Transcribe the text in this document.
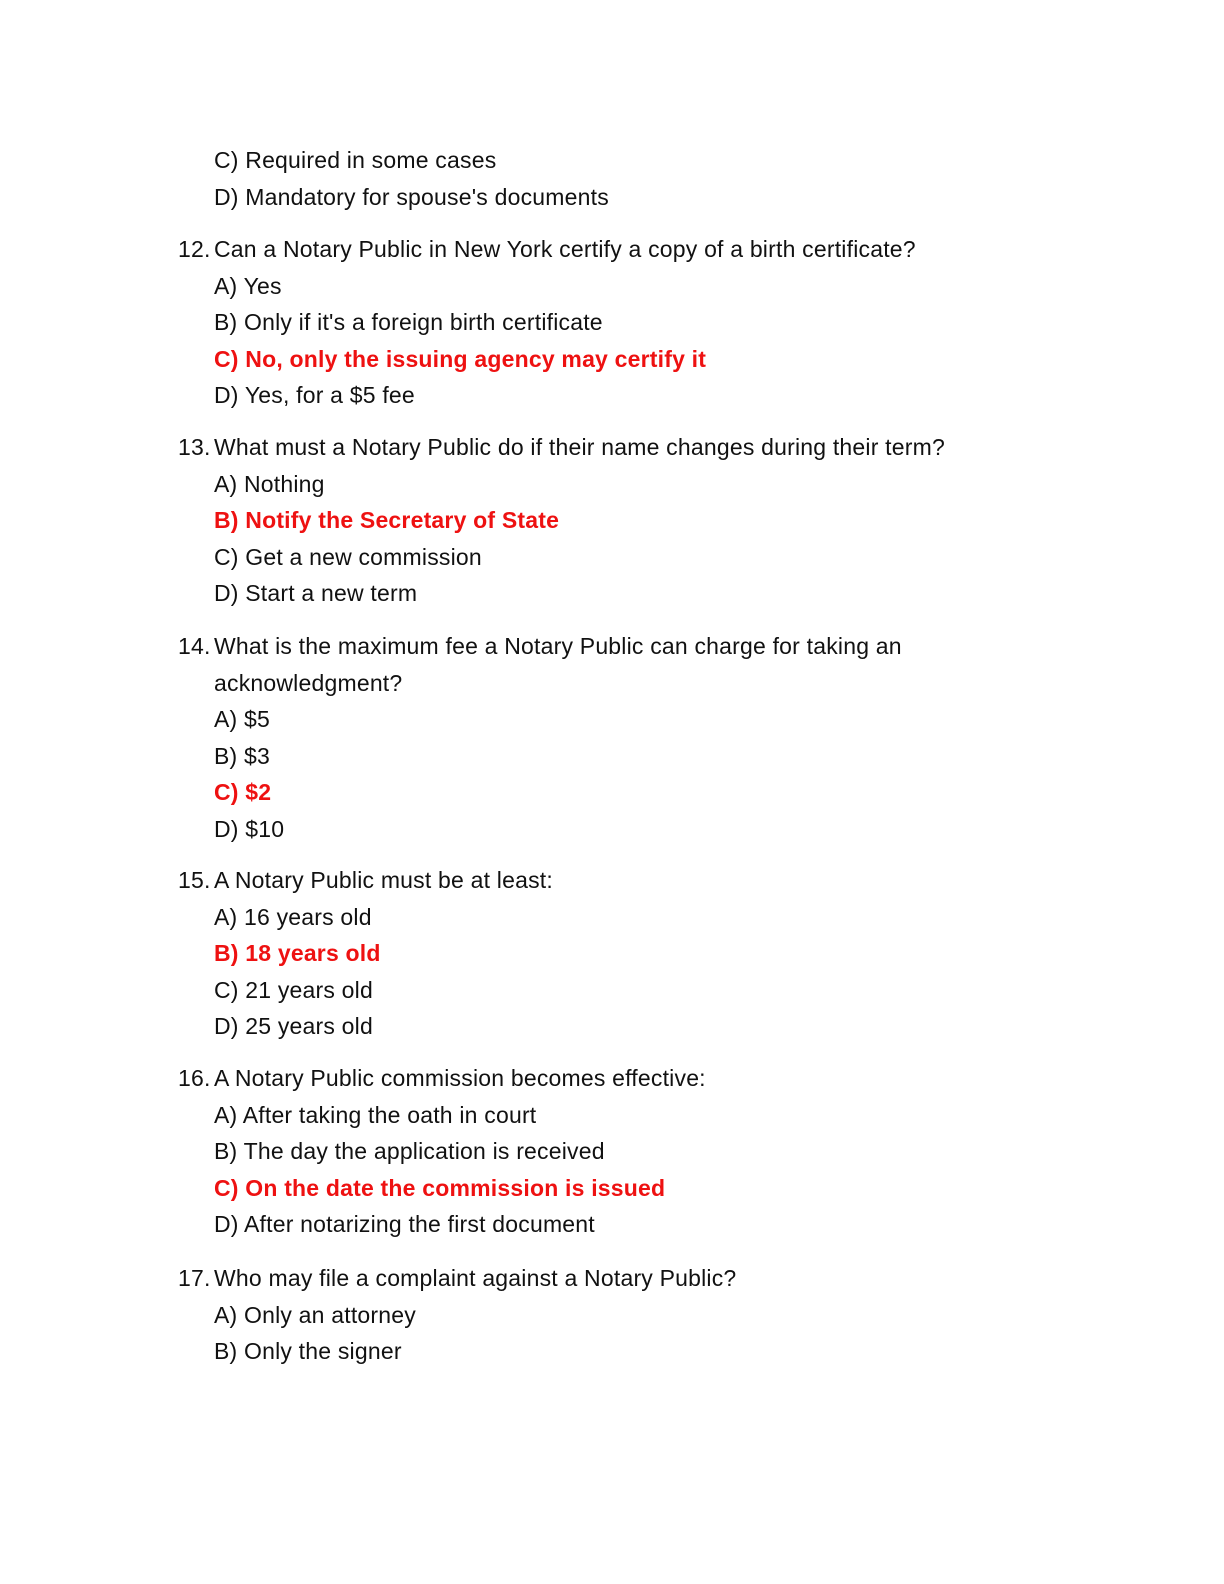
C) Required in some cases
D) Mandatory for spouse's documents
12. Can a Notary Public in New York certify a copy of a birth certificate?
A) Yes
B) Only if it's a foreign birth certificate
C) No, only the issuing agency may certify it
D) Yes, for a $5 fee
13. What must a Notary Public do if their name changes during their term?
A) Nothing
B) Notify the Secretary of State
C) Get a new commission
D) Start a new term
14. What is the maximum fee a Notary Public can charge for taking an acknowledgment?
A) $5
B) $3
C) $2
D) $10
15. A Notary Public must be at least:
A) 16 years old
B) 18 years old
C) 21 years old
D) 25 years old
16. A Notary Public commission becomes effective:
A) After taking the oath in court
B) The day the application is received
C) On the date the commission is issued
D) After notarizing the first document
17. Who may file a complaint against a Notary Public?
A) Only an attorney
B) Only the signer
